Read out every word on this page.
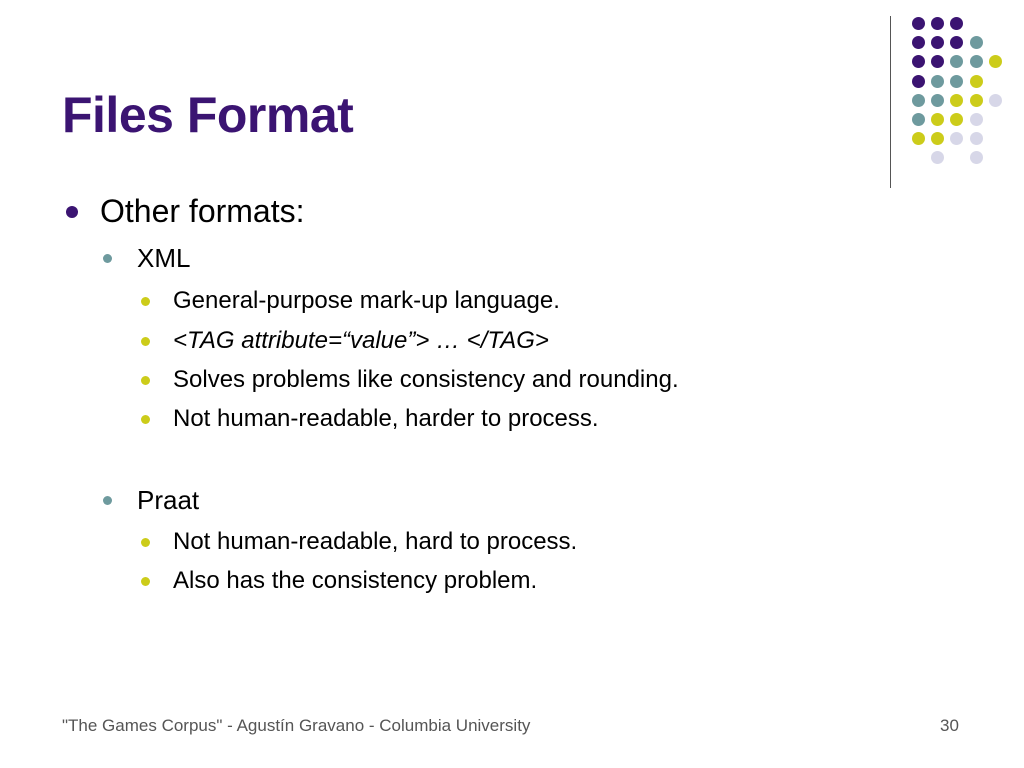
Files Format
Other formats:
XML
General-purpose mark-up language.
<TAG attribute=“value”> … </TAG>
Solves problems like consistency and rounding.
Not human-readable, harder to process.
Praat
Not human-readable, hard to process.
Also has the consistency problem.
"The Games Corpus" - Agustín Gravano - Columbia University	30
